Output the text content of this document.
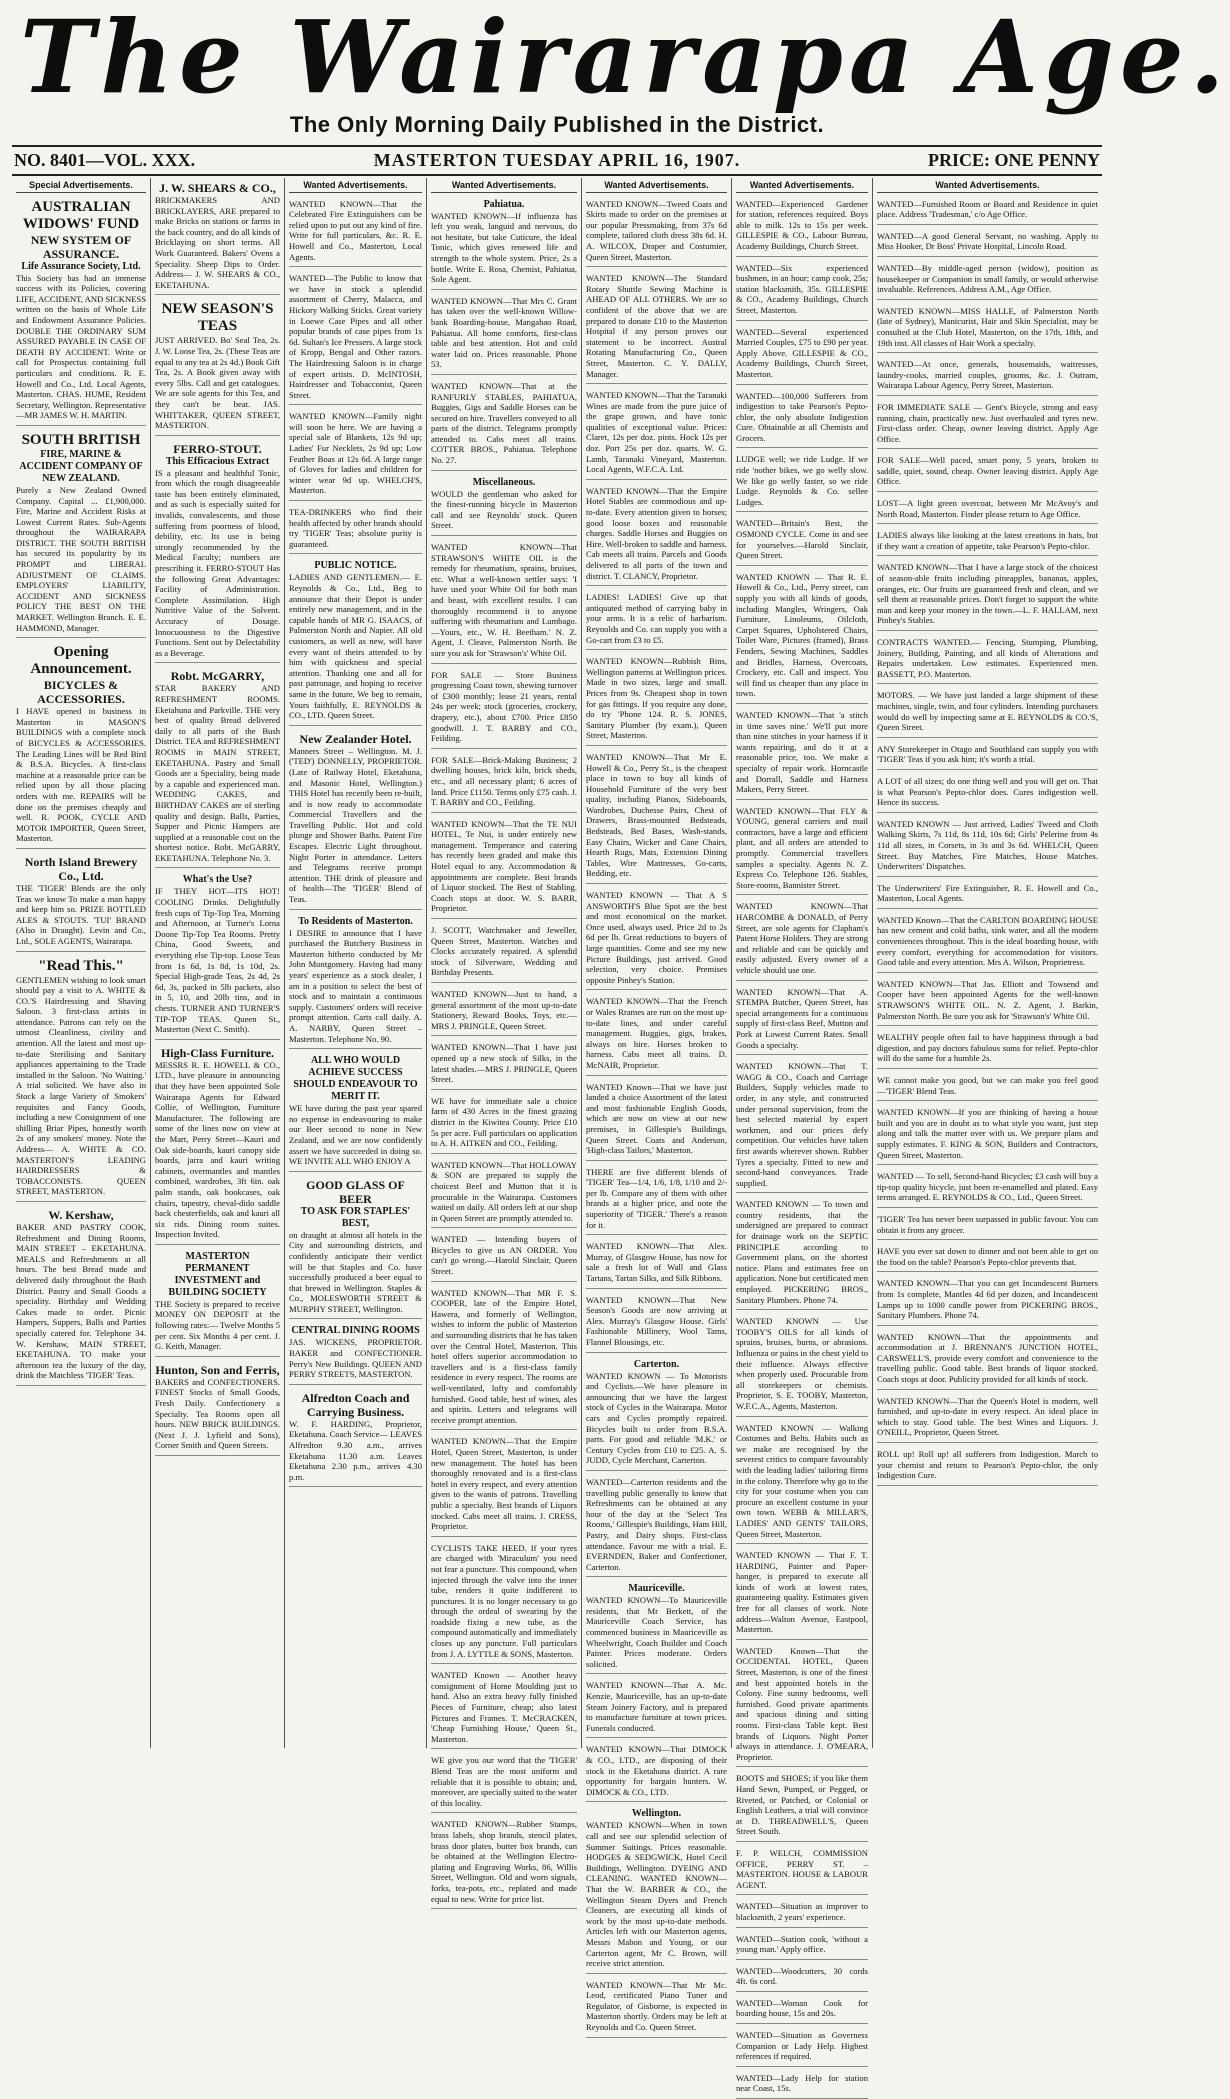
The Wairarapa Age.
The Only Morning Daily Published in the District.
NO. 8401—VOL. XXX.	MASTERTON TUESDAY APRIL 16, 1907.	PRICE: ONE PENNY
Special Advertisements.
AUSTRALIAN WIDOWS' FUND
NEW SYSTEM OF ASSURANCE.
Life Assurance Society, Ltd.
This Society has had an immense success with its Policies, covering LIFE, ACCIDENT, AND SICKNESS written on the basis of Whole Life and Endowment Assurance Policies. DOUBLE THE ORDINARY SUM ASSURED PAYABLE IN CASE OF DEATH BY ACCIDENT. Write or call for Prospectus containing full particulars and conditions. R. E. Howell and Co., Ltd. Local Agents, Masterton. CHAS. HUME, Resident Secretary, Wellington. Representative—MR JAMES W. H. MARTIN.
SOUTH BRITISH
FIRE, MARINE & ACCIDENT COMPANY OF NEW ZEALAND.
Purely a New Zealand Owned Company. Capital ... £1,900,000. Fire, Marine and Accident Risks at Lowest Current Rates. Sub-Agents throughout the WAIRARAPA DISTRICT. THE SOUTH BRITISH has secured its popularity by its PROMPT and LIBERAL ADJUSTMENT OF CLAIMS. EMPLOYERS' LIABILITY, ACCIDENT AND SICKNESS POLICY THE BEST ON THE MARKET. Wellington Branch. E. E. HAMMOND, Manager.
Opening Announcement.
BICYCLES & ACCESSORIES.
I HAVE opened in business in Masterton in MASON'S BUILDINGS with a complete stock of BICYCLES & ACCESSORIES. The Leading Lines will be Red Bird & B.S.A. Bicycles. A first-class machine at a reasonable price can be relied upon by all those placing orders with me. REPAIRS will be done on the premises cheaply and well. R. POOK, CYCLE AND MOTOR IMPORTER, Queen Street, Masterton.
North Island Brewery Co., Ltd.
THE 'TIGER' Blends are the only Teas we know To make a man happy and keep him so. PRIZE BOTTLED ALES & STOUTS. 'TUI' BRAND (Also in Draught). Levin and Co., Ltd., SOLE AGENTS, Wairarapa.
"Read This."
GENTLEMEN wishing to look smart should pay a visit to A. WHITE & CO.'S Hairdressing and Shaving Saloon. 3 first-class artists in attendance. Patrons can rely on the utmost Cleanliness, civility and attention. All the latest and most up-to-date Sterilising and Sanitary appliances appertaining to the Trade installed in the Saloon. 'No Waiting.' A trial solicited. We have also in Stock a large Variety of Smokers' requisites and Fancy Goods, including a new Consignment of one shilling Briar Pipes, honestly worth 2s of any smokers' money. Note the Address— A. WHITE & CO. MASTERTON'S LEADING HAIRDRESSERS & TOBACCONISTS. QUEEN STREET, MASTERTON.
W. Kershaw,
BAKER AND PASTRY COOK, Refreshment and Dining Rooms, MAIN STREET – EKETAHUNA. MEALS and Refreshments at all hours. The best Bread made and delivered daily throughout the Bush District. Pastry and Small Goods a speciality. Birthday and Wedding Cakes made to order. Picnic Hampers, Suppers, Balls and Parties specially catered for. Telephone 34. W. Kershaw, MAIN STREET, EKETAHUNA. TO make your afternoon tea the luxury of the day, drink the Matchless 'TIGER' Teas.
J. W. SHEARS & CO.,
BRICKMAKERS AND BRICKLAYERS, ARE prepared to make Bricks on stations or farms in the back country, and do all kinds of Bricklaying on short terms. All Work Guaranteed. Bakers' Ovens a Speciality. Sheep Dips to Order. Address— J. W. SHEARS & CO., EKETAHUNA.
NEW SEASON'S TEAS
JUST ARRIVED. Bo' Seal Tea, 2s. J. W. Loose Tea, 2s. (These Teas are equal to any tea at 2s 4d.) Book Gift Tea, 2s. A Book given away with every 5lbs. Call and get catalogues. We are sole agents for this Tea, and they can't be beat. JAS. WHITTAKER, QUEEN STREET, MASTERTON.
FERRO-STOUT.
This Efficacious Extract
IS a pleasant and healthful Tonic, from which the rough disagreeable taste has been entirely eliminated, and as such is especially suited for invalids, convalescents, and those suffering from poorness of blood, debility, etc. Its use is being strongly recommended by the Medical Faculty; numbers are prescribing it. FERRO-STOUT Has the following Great Advantages: Facility of Administration. Complete Assimilation. High Nutritive Value of the Solvent. Accuracy of Dosage. Innocuousness to the Digestive Functions. Sent out by Delectability as a Beverage.
Robt. McGARRY,
STAR BAKERY AND REFRESHMENT ROOMS. Eketahuna and Parkville. THE very best of quality Bread delivered daily to all parts of the Bush District. TEA and REFRESHMENT ROOMS in MAIN STREET, EKETAHUNA. Pastry and Small Goods are a Speciality, being made by a capable and experienced man. WEDDING CAKES, and BIRTHDAY CAKES are of sterling quality and design. Balls, Parties, Supper and Picnic Hampers are supplied at a reasonable cost on the shortest notice. Robt. McGARRY, EKETAHUNA. Telephone No. 3.
What's the Use?
IF THEY HOT—ITS HOT! COOLING Drinks. Delightfully fresh cups of Tip-Top Tea, Morning and Afternoon, at Turner's Lorna Doone Tip-Top Tea Rooms. Pretty China, Good Sweets, and everything else Tip-top. Loose Teas from 1s 6d, 1s 8d, 1s 10d, 2s. Special High-grade Teas, 2s 4d, 2s 6d, 3s, packed in 5lb packets, also in 5, 10, and 20lb tins, and in chests. TURNER AND TURNER'S TIP-TOP TEAS. Queen St., Masterton (Next C. Smith).
High-Class Furniture.
MESSRS R. E. HOWELL & CO., LTD., have pleasure in announcing that they have been appointed Sole Wairarapa Agents for Edward Collie, of Wellington, Furniture Manufacturer. The following are some of the lines now on view at the Mart, Perry Street—Kauri and Oak side-boards, kauri canopy side boards, jarra and kauri writing cabinets, overmantles and mantles combined, wardrobes, 3ft 6in. oak palm stands, oak bookcases, oak chairs, tapestry, cheval-dido saddle back chesterfields, oak and kauri all six rids. Dining room suites. Inspection Invited.
MASTERTON PERMANENT INVESTMENT and BUILDING SOCIETY
THE Society is prepared to receive MONEY ON DEPOSIT at the following rates:— Twelve Months 5 per cent. Six Months 4 per cent. J. G. Keith, Manager.
Hunton, Son and Ferris,
BAKERS and CONFECTIONERS. FINEST Stocks of Small Goods, Fresh Daily. Confectionery a Specialty. Tea Rooms open all hours. NEW BRICK BUILDINGS. (Next J. J. Lyfield and Sons), Corner Smith and Queen Streets.
Wanted Advertisements.
WANTED KNOWN—That the Celebrated Fire Extinguishers can be relied upon to put out any kind of fire. Write for full particulars, &c. R. E. Howell and Co., Masterton, Local Agents.
WANTED—The Public to know that we have in stock a splendid assortment of Cherry, Malacca, and Hickory Walking Sticks. Great variety in Loewe Case Pipes and all other popular brands of case pipes from 1s 6d. Sultan's Ice Pressers. A large stock of Kropp, Bengal and Other razors. The Hairdressing Saloon is in charge of expert artists. D. McINTOSH, Hairdresser and Tobacconist, Queen Street.
WANTED KNOWN—Family night will soon be here. We are having a special sale of Blankets, 12s 9d up; Ladies' Fur Necklets, 2s 9d up; Low Feather Boas at 12s 6d. A large range of Gloves for ladies and children for winter wear 9d up. WHELCH'S, Masterton.
TEA-DRINKERS who find their health affected by other brands should try 'TIGER' Teas; absolute purity is guaranteed.
PUBLIC NOTICE.
LADIES AND GENTLEMEN.— E. Reynolds & Co., Ltd., Beg to announce that their Depot is under entirely new management, and in the capable hands of MR G. ISAACS, of Palmerston North and Napier. All old customers, as well as new, will have every want of theirs attended to by him with quickness and special attention. Thanking one and all for past patronage, and hoping to receive same in the future, We beg to remain, Yours faithfully, E. REYNOLDS & CO., LTD. Queen Street.
New Zealander Hotel.
Manners Street – Wellington. M. J. ('TED') DONNELLY, PROPRIETOR. (Late of Railway Hotel, Eketahuna, and Masonic Hotel, Wellington.) THIS Hotel has recently been re-built, and is now ready to accommodate Commercial Travellers and the Travelling Public. Hot and cold plunge and Shower Baths. Patent Fire Escapes. Electric Light throughout. Night Porter in attendance. Letters and Telegrams receive prompt attention. THE drink of pleasure and of health—The 'TIGER' Blend of Teas.
To Residents of Masterton.
I DESIRE to announce that I have purchased the Butchery Business in Masterton hitherto conducted by Mr John Montgomery. Having had many years' experience as a stock dealer, I am in a position to select the best of stock and to maintain a continuous supply. Customers' orders will receive prompt attention. Carts call daily. A. A. NARBY, Queen Street – Masterton. Telephone No. 90.
ALL WHO WOULD ACHIEVE SUCCESS SHOULD ENDEAVOUR TO MERIT IT.
WE have during the past year spared no expense in endeavouring to make our Beer second to none in New Zealand, and we are now confidently assert we have succeeded in doing so. WE INVITE ALL WHO ENJOY A
GOOD GLASS OF BEER
TO ASK FOR STAPLES' BEST,
on draught at almost all hotels in the City and surrounding districts, and confidently anticipate their verdict will be that Staples and Co. have successfully produced a beer equal to that brewed in Wellington. Staples & Co., MOLESWORTH STREET & MURPHY STREET, Wellington.
CENTRAL DINING ROOMS
JAS. WICKENS, PROPRIETOR. BAKER and CONFECTIONER. Perry's New Buildings. QUEEN AND PERRY STREETS, MASTERTON.
Alfredton Coach and Carrying Business.
W. F. HARDING, Proprietor, Eketahuna. Coach Service— LEAVES Alfredton 9.30 a.m., arrives Eketahuna 11.30 a.m. Leaves Eketahuna 2.30 p.m., arrives 4.30 p.m.
Wanted Advertisements.
Pahiatua.
WANTED KNOWN—If influenza has left you weak, languid and nervous, do not hesitate, but take Cuticure, the Ideal Tonic, which gives renewed life and strength to the whole system. Price, 2s a bottle. Write E. Rosa, Chemist, Pahiatua, Sole Agent.
WANTED KNOWN—That Mrs C. Grant has taken over the well-known Willow-bank Boarding-house, Mangahao Road, Pahiatua. All home comforts, first-class table and best attention. Hot and cold water laid on. Prices reasonable. Phone 53.
WANTED KNOWN—That at the RANFURLY STABLES, PAHIATUA, Buggies, Gigs and Saddle Horses can be secured on hire. Travellers conveyed to all parts of the district. Telegrams promptly attended to. Cabs meet all trains. COTTER BROS., Pahiatua. Telephone No. 27.
Miscellaneous.
WOULD the gentleman who asked for the finest-running bicycle in Masterton call and see Reynolds' stock. Queen Street.
WANTED KNOWN—That STRAWSON'S WHITE OIL is the remedy for rheumatism, sprains, bruises, etc. What a well-known settler says: 'I have used your White Oil for both man and beast, with excellent results. I can thoroughly recommend it to anyone suffering with rheumatism and Lumbago.—Yours, etc., W. H. Beetham.' N. Z. Agent, J. Cleave, Palmerston North. Be sure you ask for 'Strawson's' White Oil.
FOR SALE — Store Business progressing Coast town, shewing turnover of £300 monthly; lease 21 years, rental 24s per week; stock (groceries, crockery, drapery, etc.), about £700. Price £850 goodwill. J. T. BARBY and CO., Feilding.
FOR SALE—Brick-Making Business; 2 dwelling houses, brick kiln, brick sheds, etc., and all necessary plant; 6 acres of land. Price £1150. Terms only £75 cash. J. T. BARBY and CO., Feilding.
WANTED KNOWN—That the TE NUI HOTEL, Te Nui, is under entirely new management. Temperance and catering has recently been graded and make this Hotel equal to any. Accommodation & appointments are complete. Best brands of Liquor stocked. The Best of Stabling. Coach stops at door. W. S. BARR, Proprietor.
J. SCOTT, Watchmaker and Jeweller, Queen Street, Masterton. Watches and Clocks accurately repaired. A splendid stock of Silverware, Wedding and Birthday Presents.
WANTED KNOWN—Just to hand, a general assortment of the most up-to-date Stationery, Reward Books, Toys, etc.—MRS J. PRINGLE, Queen Street.
WANTED KNOWN—That I have just opened up a new stock of Silks, in the latest shades.—MRS J. PRINGLE, Queen Street.
WE have for immediate sale a choice farm of 430 Acres in the finest grazing district in the Kiwitea County. Price £10 5s per acre. Full particulars on application to A. H. AITKEN and CO., Feilding.
WANTED KNOWN—That HOLLOWAY & SON are prepared to supply the choicest Beef and Mutton that it is procurable in the Wairarapa. Customers waited on daily. All orders left at our shop in Queen Street are promptly attended to.
WANTED — Intending buyers of Bicycles to give us AN ORDER. You can't go wrong.—Harold Sinclair, Queen Street.
WANTED KNOWN—That MR F. S. COOPER, late of the Empire Hotel, Hawera, and formerly of Wellington, wishes to inform the public of Masterton and surrounding districts that he has taken over the Central Hotel, Masterton. This hotel offers superior accommodation to travellers and is a first-class family residence in every respect. The rooms are well-ventilated, lofty and comfortably furnished. Good table, best of wines, ales and spirits. Letters and telegrams will receive prompt attention.
WANTED KNOWN—That the Empire Hotel, Queen Street, Masterton, is under new management. The hotel has been thoroughly renovated and is a first-class hotel in every respect, and every attention given to the wants of patrons. Travelling public a specialty. Best brands of Liquors stocked. Cabs meet all trains. J. CRESS, Proprietor.
CYCLISTS TAKE HEED. If your tyres are charged with 'Miraculum' you need not fear a puncture. This compound, when injected through the valve into the inner tube, renders it quite indifferent to punctures. It is no longer necessary to go through the ordeal of swearing by the roadside fixing a new tube, as the compound automatically and immediately closes up any puncture. Full particulars from J. A. LYTTLE & SONS, Masterton.
WANTED Known — Another heavy consignment of Home Moulding just to hand. Also an extra heavy fully finished Pieces of Furniture, cheap; also latest Pictures and Frames. T. McCRACKEN, 'Cheap Furnishing House,' Queen St., Masterton.
WE give you our word that the 'TIGER' Blend Teas are the most uniform and reliable that it is possible to obtain; and, moreover, are specially suited to the water of this locality.
WANTED KNOWN—Rubber Stamps, brass labels, shop brands, stencil plates, brass door plates, butter box brands, can be obtained at the Wellington Electro-plating and Engraving Works, 86, Willis Street, Wellington. Old and worn signals, forks, tea-pots, etc., replated and made equal to new. Write for price list.
Wanted Advertisements.
WANTED KNOWN—Tweed Coats and Skirts made to order on the premises at our popular Pressmaking, from 37s 6d complete, tailored cloth dress 38s 6d. H. A. WILCOX, Draper and Costumier, Queen Street, Masterton.
WANTED KNOWN—The Standard Rotary Shuttle Sewing Machine is AHEAD OF ALL OTHERS. We are so confident of the above that we are prepared to donate £10 to the Masterton Hospital if any person proves our statement to be incorrect. Austral Rotating Manufacturing Co., Queen Street, Masterton. C. Y. DALLY, Manager.
WANTED KNOWN—That the Taranaki Wines are made from the pure juice of the grape grown, and have tonic qualities of exceptional value. Prices: Claret, 12s per doz. pints. Hock 12s per doz. Port 25s per doz. quarts. W. G. Lamb, Taranaki Vineyard, Masterton. Local Agents, W.F.C.A. Ltd.
WANTED KNOWN—That the Empire Hotel Stables are commodious and up-to-date. Every attention given to horses; good loose boxes and reasonable charges. Saddle Horses and Buggies on Hire. Well-broken to saddle and harness. Cab meets all trains. Parcels and Goods delivered to all parts of the town and district. T. CLANCY, Proprietor.
LADIES! LADIES! Give up that antiquated method of carrying baby in your arms. It is a relic of barbarism. Reynolds and Co. can supply you with a Go-cart from £3 to £5.
WANTED KNOWN—Rubbish Bins, Wellington patterns at Wellington prices. Made in two sizes, large and small. Prices from 9s. Cheapest shop in town for gas fittings. If you require any done, do try 'Phone 124. R. S. JONES, Sanitary Plumber (by exam.), Queen Street, Masterton.
WANTED KNOWN—That Mr E. Howell & Co., Perry St., is the cheapest place in town to buy all kinds of Household Furniture of the very best quality, including Pianos, Sideboards, Wardrobes, Duchesse Pairs, Chest of Drawers, Brass-mounted Bedsteads, Bedsteads, Bed Bases, Wash-stands, Easy Chairs, Wicker and Cane Chairs, Hearth Rugs, Mats, Extension Dining Tables, Wire Mattresses, Go-carts, Bedding, etc.
WANTED KNOWN — That A S ANSWORTH'S Blue Spot are the best and most economical on the market. Once used, always used. Price 2d to 2s 6d per lb. Great reductions to buyers of large quantities. Come and see my new Picture Buildings, just arrived. Good selection, very choice. Premises opposite Pinhey's Station.
WANTED KNOWN—That the French or Wales Rrames are run on the most up-to-date lines, and under careful management. Buggies, gigs, brakes, always on hire. Horses broken to harness. Cabs meet all trains. D. McNAIR, Proprietor.
WANTED Known—That we have just landed a choice Assortment of the latest and most fashionable English Goods, which are now on view at our new premises, in Gillespie's Buildings, Queen Street. Coats and Anderson, 'High-class Tailors,' Masterton.
THERE are five different blends of 'TIGER' Tea—1/4, 1/6, 1/8, 1/10 and 2/- per lb. Compare any of them with other brands at a higher price, and note the superiority of 'TIGER.' There's a reason for it.
WANTED KNOWN—That Alex. Murray, of Glasgow House, has now for sale a fresh lot of Wall and Glass Tartans, Tartan Silks, and Silk Ribbons.
WANTED KNOWN—That New Season's Goods are now arriving at Alex. Murray's Glasgow House. Girls' Fashionable Millinery, Wool Tams, Flannel Blousings, etc.
Carterton.
WANTED KNOWN — To Motorists and Cyclists.—We have pleasure in announcing that we have the largest stock of Cycles in the Wairarapa. Motor cars and Cycles promptly repaired. Bicycles built to order from B.S.A. parts. For good and reliable 'M.K.' or Century Cycles from £10 to £25. A. S. JUDD, Cycle Merchant, Carterton.
WANTED—Carterton residents and the travelling public generally to know that Refreshments can be obtained at any hour of the day at the 'Select Tea Rooms,' Gillespie's Buildings, Ham Hill, Pastry, and Dairy shops. First-class attendance. Favour me with a trial. E. EVERNDEN, Baker and Confectioner, Carterton.
Mauriceville.
WANTED KNOWN—To Mauriceville residents, that Mr Berkett, of the Mauriceville Coach Service, has commenced business in Mauriceville as Wheelwright, Coach Builder and Coach Painter. Prices moderate. Orders solicited.
WANTED KNOWN—That A. Mc. Kenzie, Mauriceville, has an up-to-date Steam Joinery Factory, and is prepared to manufacture furniture at town prices. Funerals conducted.
WANTED KNOWN—That DIMOCK & CO., LTD., are disposing of their stock in the Eketahuna district. A rare opportunity for bargain hunters. W. DIMOCK & CO., LTD.
Wellington.
WANTED KNOWN—When in town call and see our splendid selection of Summer Suitings. Prices reasonable. HODGES & SEDGWICK, Hotel Cecil Buildings, Wellington. DYEING AND CLEANING. WANTED KNOWN—That the W. BARBER & CO., the Wellington Steam Dyers and French Cleaners, are executing all kinds of work by the most up-to-date methods. Articles left with our Masterton agents, Messrs Mabon and Young, or our Carterton agent, Mr C. Brown, will receive strict attention.
WANTED KNOWN—That Mr Mc. Leod, certificated Piano Tuner and Regulator, of Gisborne, is expected in Masterton shortly. Orders may be left at Reynolds and Co. Queen Street.
Wanted Advertisements.
WANTED—Experienced Gardener for station, references required. Boys able to milk. 12s to 15s per week. GILLESPIE & CO., Labour Bureau, Academy Buildings, Church Street.
WANTED—Six experienced bushmen, in an hour; camp cook, 25s; station blacksmith, 35s. GILLESPIE & CO., Academy Buildings, Church Street, Masterton.
WANTED—Several experienced Married Couples, £75 to £90 per year. Apply Above. GILLESPIE & CO., Academy Buildings, Church Street, Masterton.
WANTED—100,000 Sufferers from indigestion to take Pearson's Pepto-chlor, the only absolute Indigestion Cure. Obtainable at all Chemists and Grocers.
LUDGE well; we ride Ludge. If we ride 'nother bikes, we go welly slow. We like go welly faster, so we ride Ludge. Reynolds & Co. sellee Ludges.
WANTED—Britain's Best, the OSMOND CYCLE. Come in and see for yourselves.—Harold Sinclair, Queen Street.
WANTED KNOWN — That R. E. Howell & Co., Ltd., Perry street, can supply you with all kinds of goods, including Mangles, Wringers, Oak Furniture, Linoleums, Oilcloth, Carpet Squares, Upholstered Chairs, Toilet Ware, Pictures (framed), Brass Fenders, Sewing Machines, Saddles and Bridles, Harness, Overcoats, Crockery, etc. Call and inspect. You will find us cheaper than any place in town.
WANTED KNOWN—That 'a stitch in time saves nine.' We'll put more than nine stitches in your harness if it wants repairing, and do it at a reasonable price, too. We make a specialty of repair work. Horncastle and Dorrall, Saddle and Harness Makers, Perry Street.
WANTED KNOWN—That FLY & YOUNG, general carriers and mail contractors, have a large and efficient plant, and all orders are attended to promptly. Commercial travellers samples a specialty. Agents N. Z. Express Co. Telephone 126. Stables, Store-rooms, Bannister Street.
WANTED KNOWN—That HARCOMBE & DONALD, of Perry Street, are sole agents for Clapham's Patent Horse Holders. They are strong and reliable and can be quickly and easily adjusted. Every owner of a vehicle should use one.
WANTED KNOWN—That A. STEMPA Butcher, Queen Street, has special arrangements for a continuous supply of first-class Beef, Mutton and Pork at Lowest Current Rates. Small Goods a specialty.
WANTED KNOWN—That T. WAGG & CO., Coach and Carriage Builders, Supply vehicles made to order, in any style, and constructed under personal supervision, from the best selected material by expert workmen, and our prices defy competition. Our vehicles have taken first awards wherever shown. Rubber Tyres a specialty. Fitted to new and second-hand conveyances. Trade supplied.
WANTED KNOWN — To town and country residents, that the undersigned are prepared to contract for drainage work on the SEPTIC PRINCIPLE according to Government plans, on the shortest notice. Plans and estimates free on application. None but certificated men employed. PICKERING BROS., Sanitary Plumbers. Phone 74.
WANTED KNOWN — Use TOOBY'S OILS for all kinds of sprains, bruises, burns, or abrasions. Influenza or pains in the chest yield to their influence. Always effective when properly used. Procurable from all storekeepers or chemists. Proprietor, S. E. TOOBY, Masterton, W.F.C.A., Agents, Masterton.
WANTED KNOWN — Walking Costumes and Belts. Habits such as we make are recognised by the severest critics to compare favourably with the leading ladies' tailoring firms in the colony. Therefore why go to the city for your costume when you can procure an excellent costume in your own town. WEBB & MILLAR'S, LADIES' AND GENTS' TAILORS, Queen Street, Masterton.
WANTED KNOWN — That F. T. HARDING, Painter and Paper-hanger, is prepared to execute all kinds of work at lowest rates, guaranteeing quality. Estimates given free for all classes of work. Note address—Walton Avenue, Eastpool, Masterton.
WANTED Known—That the OCCIDENTAL HOTEL, Queen Street, Masterton, is one of the finest and best appointed hotels in the Colony. Fine sunny bedrooms, well furnished. Good private apartments and spacious dining and sitting rooms. First-class Table kept. Best brands of Liquors. Night Porter always in attendance. J. O'MEARA, Proprietor.
BOOTS and SHOES; if you like them Hand Sewn, Pumped, or Pegged, or Riveted, or Patched, or Colonial or English Leathers, a trial will convince at D. THREADWELL'S, Queen Street South.
F. P. WELCH, COMMISSION OFFICE, PERRY ST. – MASTERTON. HOUSE & LABOUR AGENT.
WANTED—Situation as improver to blacksmith, 2 years' experience.
WANTED—Station cook, 'without a young man.' Apply office.
WANTED—Woodcutters, 30 cords 4ft. 6s cord.
WANTED—Woman Cook for boarding house, 15s and 20s.
WANTED—Situation as Governess Companion or Lady Help. Highest references if required.
WANTED—Lady Help for station near Coast, 15s.
Wanted Advertisements.
WANTED—Furnished Room or Board and Residence in quiet place. Address 'Tradesman,' c/o Age Office.
WANTED—A good General Servant, no washing. Apply to Miss Hooker, Dr Boss' Private Hospital, Lincoln Road.
WANTED—By middle-aged person (widow), position as housekeeper or Companion in small family, or would otherwise invaluable. References. Address A.M., Age Office.
WANTED KNOWN—MISS HALLE, of Palmerston North (late of Sydney), Manicurist, Hair and Skin Specialist, may be consulted at the Club Hotel, Masterton, on the 17th, 18th, and 19th inst. All classes of Hair Work a specialty.
WANTED—At once, generals, housemaids, waitresses, laundry-cooks, married couples, grooms, &c. J. Outram, Wairarapa Labour Agency, Perry Street, Masterton.
FOR IMMEDIATE SALE — Gent's Bicycle, strong and easy running, chain, practically new. Just overhauled and tyres new. First-class order. Cheap, owner leaving district. Apply Age Office.
FOR SALE—Well paced, smart pony, 5 years, broken to saddle, quiet, sound, cheap. Owner leaving district. Apply Age Office.
LOST—A light green overcoat, between Mr McAvoy's and North Road, Masterton. Finder please return to Age Office.
LADIES always like looking at the latest creations in hats, but if they want a creation of appetite, take Pearson's Pepto-chlor.
WANTED KNOWN—That I have a large stock of the choicest of season-able fruits including pineapples, bananas, apples, oranges, etc. Our fruits are guaranteed fresh and clean, and we sell them at reasonable prices. Don't forget to support the white man and keep your money in the town.—L. F. HALLAM, next Pinhey's Stables.
CONTRACTS WANTED.— Fencing, Stumping, Plumbing, Joinery, Building, Painting, and all kinds of Alterations and Repairs undertaken. Low estimates. Experienced men. BASSETT, P.O. Masterton.
MOTORS. — We have just landed a large shipment of these machines, single, twin, and four cylinders. Intending purchasers would do well by inspecting same at E. REYNOLDS & CO.'S, Queen Street.
ANY Storekeeper in Otago and Southland can supply you with 'TIGER' Teas if you ask him; it's worth a trial.
A LOT of all sizes; do one thing well and you will get on. That is what Pearson's Pepto-chlor does. Cures indigestion well. Hence its success.
WANTED KNOWN — Just arrived, Ladies' Tweed and Cloth Walking Skirts, 7s 11d, 8s 11d, 10s 6d; Girls' Pelerine from 4s 11d all sizes, in Corsets, in 3s and 3s 6d. WHELCH, Queen Street. Buy Matches, Fire Matches, House Matches. Underwriters' Dispatches.
The Underwriters' Fire Extinguisher, R. E. Howell and Co., Masterton, Local Agents.
WANTED Known—That the CARLTON BOARDING HOUSE has new cement and cold baths, sink water, and all the modern conveniences throughout. This is the ideal boarding house, with every comfort, everything for accommodation for visitors. Good table and every attention. Mrs A. Wilson, Proprietress.
WANTED KNOWN—That Jas. Elliott and Towsend and Cooper have been appointed Agents for the well-known STRAWSON'S WHITE OIL. N. Z. Agent, J. Barkin, Palmerston North. Be sure you ask for 'Strawson's' White Oil.
WEALTHY people often fail to have happiness through a bad digestion, and pay doctors fabulous sums for relief. Pepto-chlor will do the same for a humble 2s.
WE cannot make you good, but we can make you feel good—'TIGER' Blend Teas.
WANTED KNOWN—If you are thinking of having a house built and you are in doubt as to what style you want, just step along and talk the matter over with us. We prepare plans and supply estimates. F. KING & SON, Builders and Contractors, Queen Street, Masterton.
WANTED — To sell, Second-hand Bicycles; £3 cash will buy a tip-top quality bicycle, just been re-enamelled and plated. Easy terms arranged. E. REYNOLDS & CO., Ltd., Queen Street.
'TIGER' Tea has never been surpassed in public favour. You can obtain it from any grocer.
HAVE you ever sat down to dinner and not been able to get on the food on the table? Pearson's Pepto-chlor prevents that.
WANTED KNOWN—That you can get Incandescent Burners from 1s complete, Mantles 4d 6d per dozen, and Incandescent Lamps up to 1000 candle power from PICKERING BROS., Sanitary Plumbers. Phone 74.
WANTED KNOWN—That the appointments and accommodation at J. BRENNAN'S JUNCTION HOTEL, CARSWELL'S, provide every comfort and convenience to the travelling public. Good table. Best brands of liquor stocked. Coach stops at door. Publicity provided for all kinds of stock.
WANTED KNOWN—That the Queen's Hotel is modern, well furnished, and up-to-date in every respect. An ideal place in which to stay. Good table. The best Wines and Liquors. J. O'NEILL, Proprietor, Queen Street.
ROLL up! Roll up! all sufferers from Indigestion. March to your chemist and return to Pearson's Pepto-chlor, the only Indigestion Cure.
